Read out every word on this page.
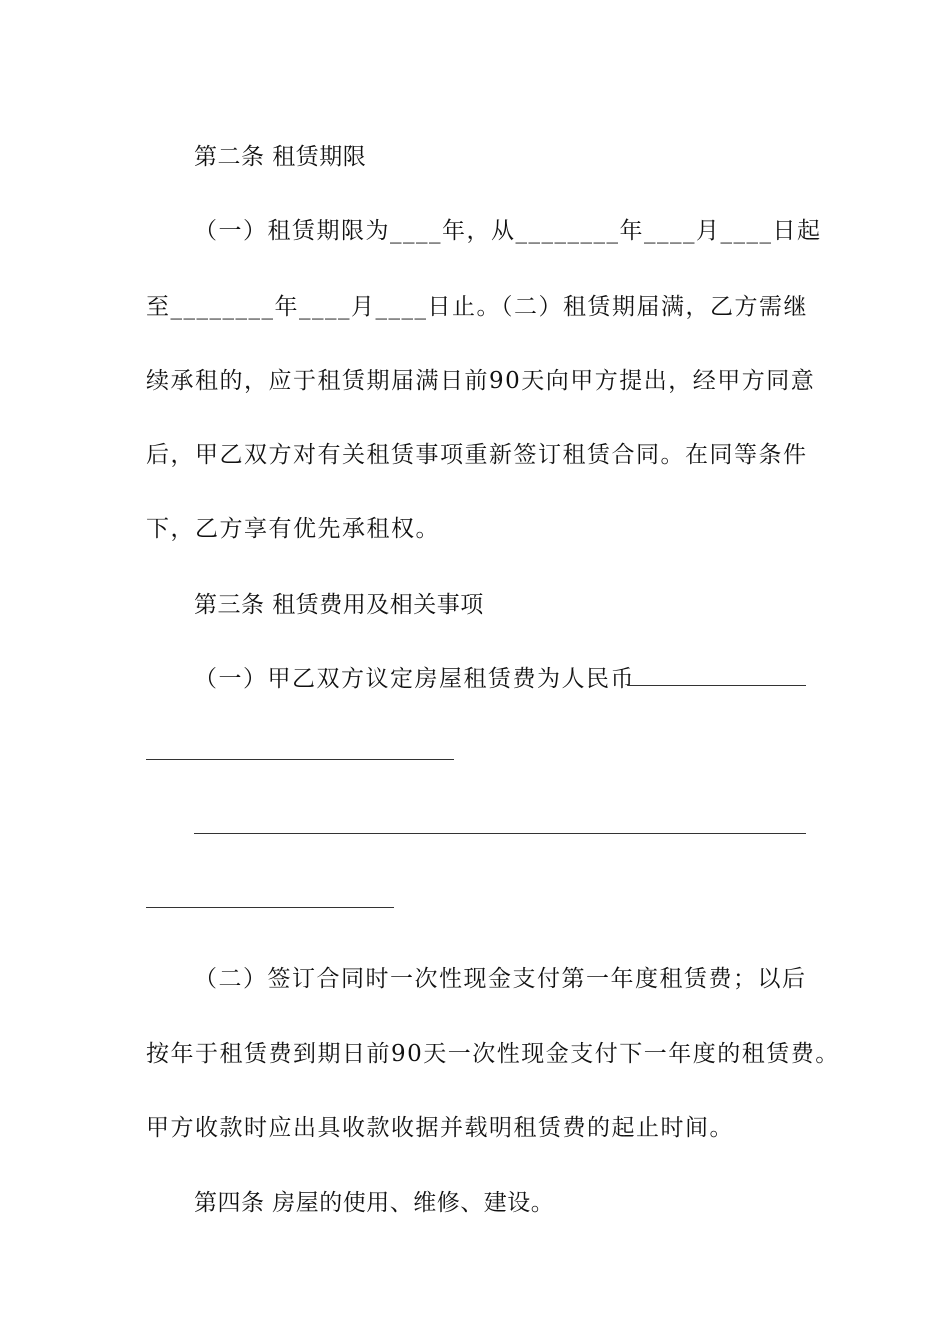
第二条 租赁期限
（一）租赁期限为____年，从________年____月____日起
至________年____月____日止。（二）租赁期届满，乙方需继
续承租的，应于租赁期届满日前90天向甲方提出，经甲方同意
后，甲乙双方对有关租赁事项重新签订租赁合同。在同等条件
下，乙方享有优先承租权。
第三条 租赁费用及相关事项
（一）甲乙双方议定房屋租赁费为人民币
（二）签订合同时一次性现金支付第一年度租赁费；以后
按年于租赁费到期日前90天一次性现金支付下一年度的租赁费。
甲方收款时应出具收款收据并载明租赁费的起止时间。
第四条 房屋的使用、维修、建设。
